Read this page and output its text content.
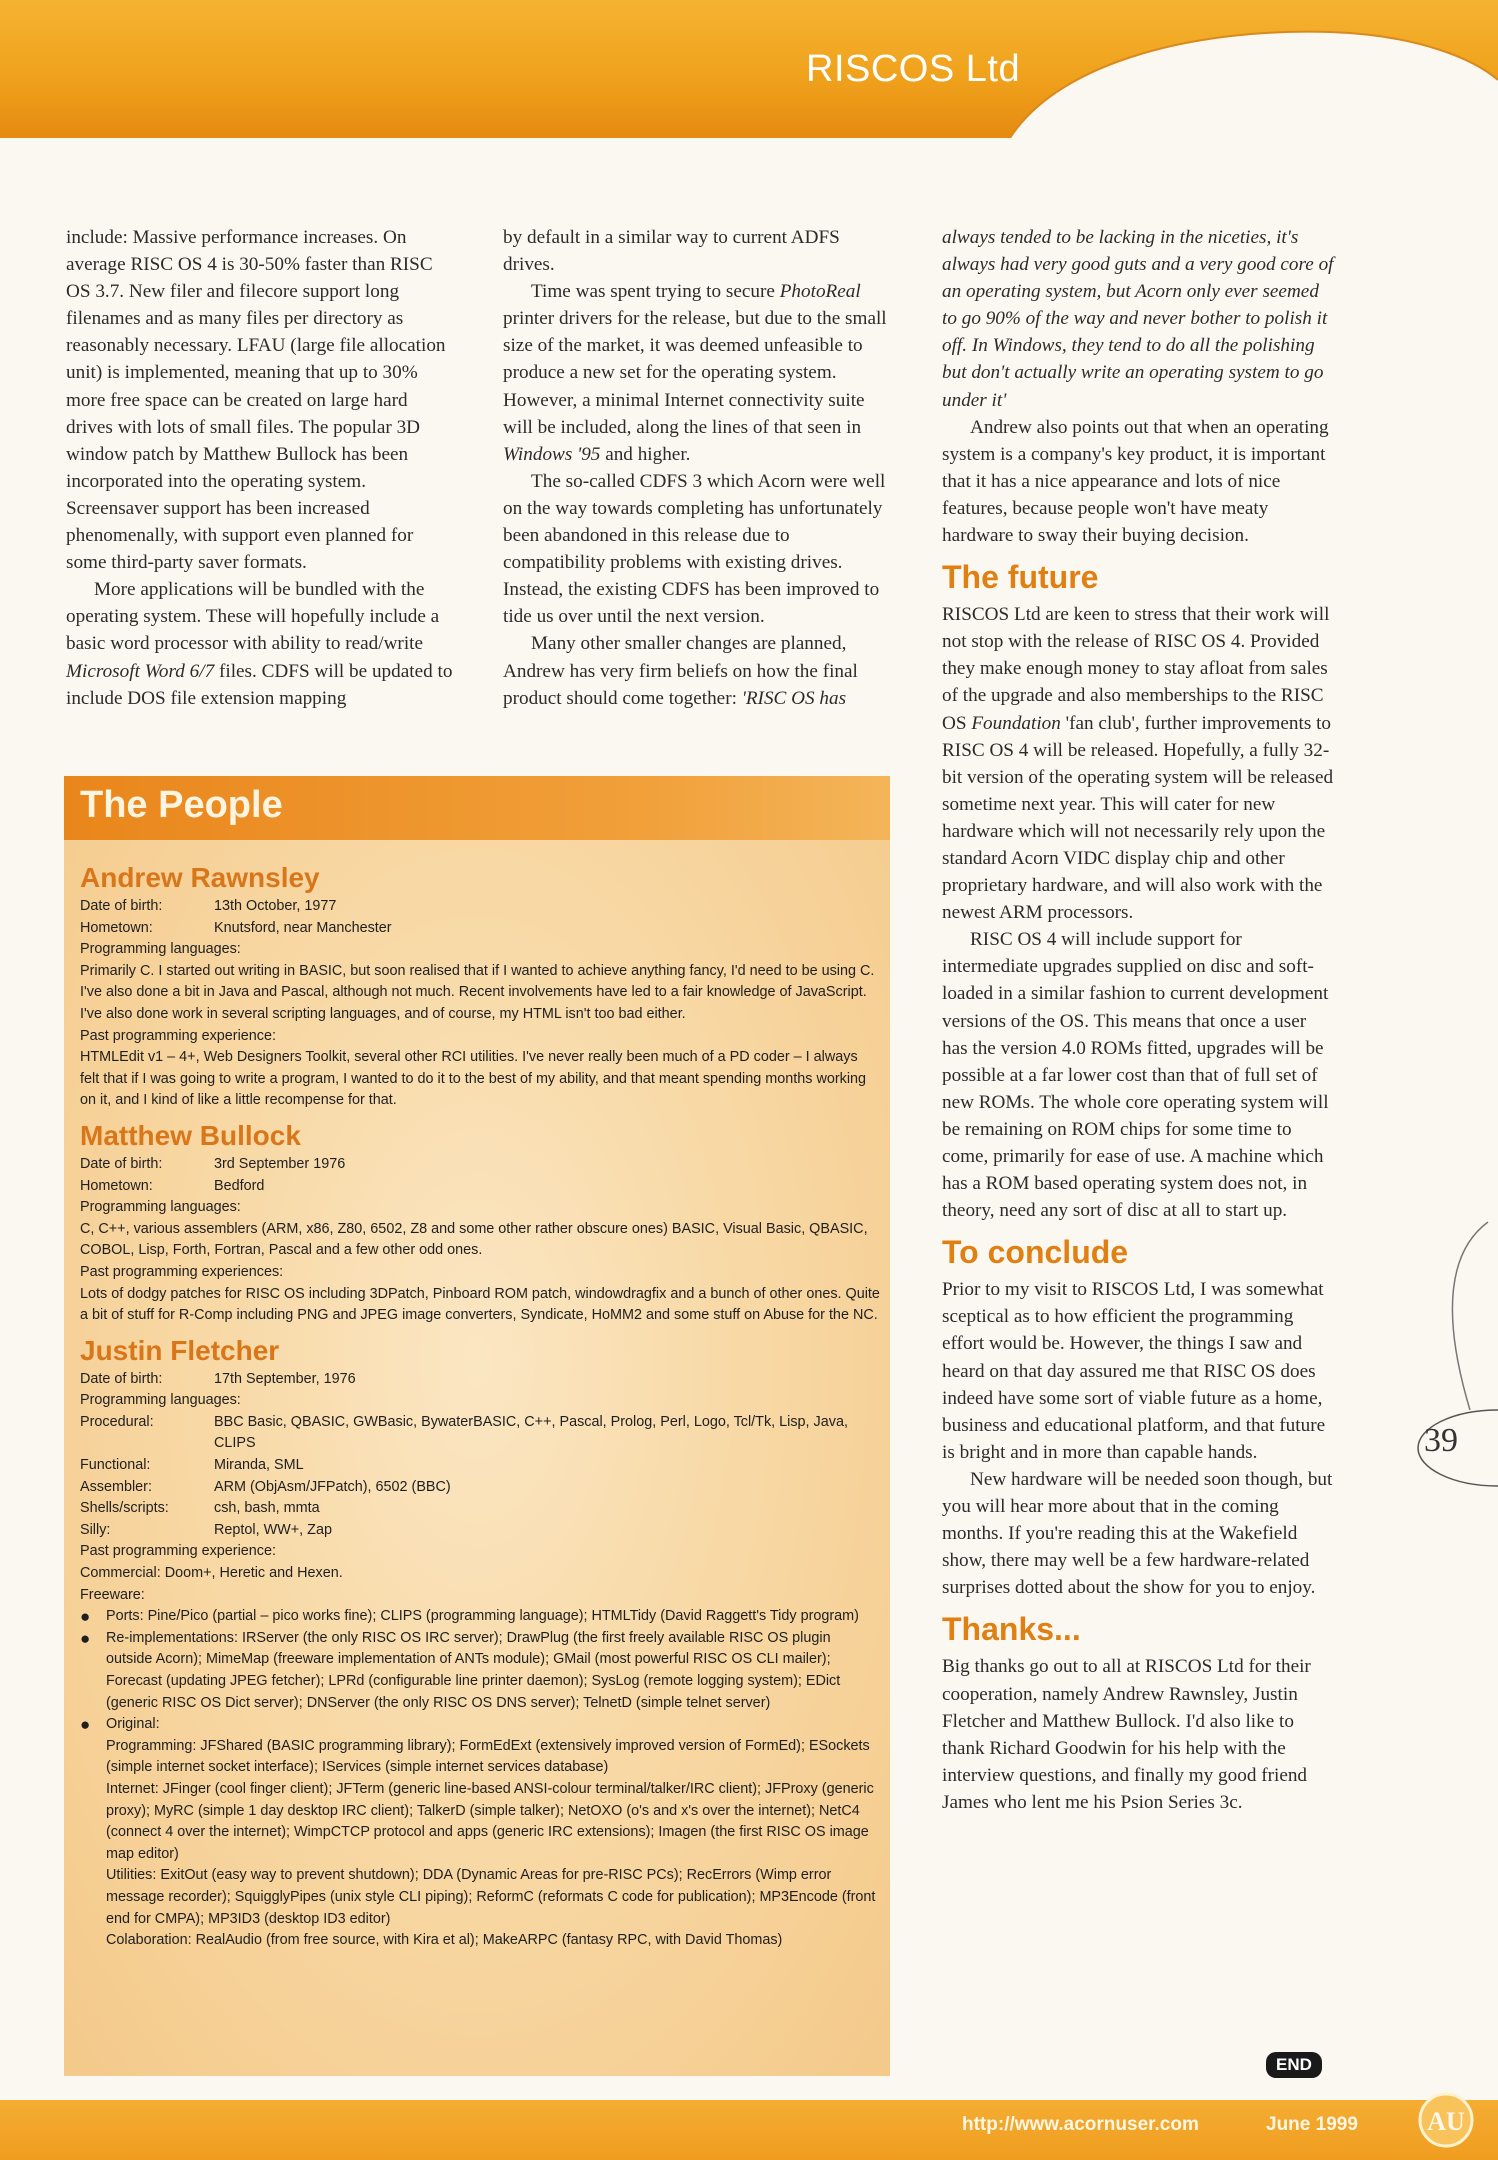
RISCOS Ltd

include: Massive performance increases. On average RISC OS 4 is 30-50% faster than RISC OS 3.7. New filer and filecore support long filenames and as many files per directory as reasonably necessary. LFAU (large file allocation unit) is implemented, meaning that up to 30% more free space can be created on large hard drives with lots of small files. The popular 3D window patch by Matthew Bullock has been incorporated into the operating system. Screensaver support has been increased phenomenally, with support even planned for some third-party saver formats.

More applications will be bundled with the operating system. These will hopefully include a basic word processor with ability to read/write Microsoft Word 6/7 files. CDFS will be updated to include DOS file extension mapping

by default in a similar way to current ADFS drives.

Time was spent trying to secure PhotoReal printer drivers for the release, but due to the small size of the market, it was deemed unfeasible to produce a new set for the operating system. However, a minimal Internet connectivity suite will be included, along the lines of that seen in Windows '95 and higher.

The so-called CDFS 3 which Acorn were well on the way towards completing has unfortunately been abandoned in this release due to compatibility problems with existing drives. Instead, the existing CDFS has been improved to tide us over until the next version.

Many other smaller changes are planned, Andrew has very firm beliefs on how the final product should come together: 'RISC OS has

always tended to be lacking in the niceties, it's always had very good guts and a very good core of an operating system, but Acorn only ever seemed to go 90% of the way and never bother to polish it off. In Windows, they tend to do all the polishing but don't actually write an operating system to go under it'

Andrew also points out that when an operating system is a company's key product, it is important that it has a nice appearance and lots of nice features, because people won't have meaty hardware to sway their buying decision.

The future

RISCOS Ltd are keen to stress that their work will not stop with the release of RISC OS 4. Provided they make enough money to stay afloat from sales of the upgrade and also memberships to the RISC OS Foundation 'fan club', further improvements to RISC OS 4 will be released. Hopefully, a fully 32-bit version of the operating system will be released sometime next year. This will cater for new hardware which will not necessarily rely upon the standard Acorn VIDC display chip and other proprietary hardware, and will also work with the newest ARM processors.

RISC OS 4 will include support for intermediate upgrades supplied on disc and soft-loaded in a similar fashion to current development versions of the OS. This means that once a user has the version 4.0 ROMs fitted, upgrades will be possible at a far lower cost than that of full set of new ROMs. The whole core operating system will be remaining on ROM chips for some time to come, primarily for ease of use. A machine which has a ROM based operating system does not, in theory, need any sort of disc at all to start up.

To conclude

Prior to my visit to RISCOS Ltd, I was somewhat sceptical as to how efficient the programming effort would be. However, the things I saw and heard on that day assured me that RISC OS does indeed have some sort of viable future as a home, business and educational platform, and that future is bright and in more than capable hands.

New hardware will be needed soon though, but you will hear more about that in the coming months. If you're reading this at the Wakefield show, there may well be a few hardware-related surprises dotted about the show for you to enjoy.

Thanks...

Big thanks go out to all at RISCOS Ltd for their cooperation, namely Andrew Rawnsley, Justin Fletcher and Matthew Bullock. I'd also like to thank Richard Goodwin for his help with the interview questions, and finally my good friend James who lent me his Psion Series 3c.

END
The People
Andrew Rawnsley
Date of birth:	13th October, 1977
Hometown:	Knutsford, near Manchester
Programming languages:
Primarily C. I started out writing in BASIC, but soon realised that if I wanted to achieve anything fancy, I'd need to be using C. I've also done a bit in Java and Pascal, although not much. Recent involvements have led to a fair knowledge of JavaScript. I've also done work in several scripting languages, and of course, my HTML isn't too bad either.
Past programming experience:
HTMLEdit v1 – 4+, Web Designers Toolkit, several other RCI utilities. I've never really been much of a PD coder – I always felt that if I was going to write a program, I wanted to do it to the best of my ability, and that meant spending months working on it, and I kind of like a little recompense for that.
Matthew Bullock
Date of birth:	3rd September 1976
Hometown:	Bedford
Programming languages:
C, C++, various assemblers (ARM, x86, Z80, 6502, Z8 and some other rather obscure ones) BASIC, Visual Basic, QBASIC, COBOL, Lisp, Forth, Fortran, Pascal and a few other odd ones.
Past programming experiences:
Lots of dodgy patches for RISC OS including 3DPatch, Pinboard ROM patch, windowdragfix and a bunch of other ones. Quite a bit of stuff for R-Comp including PNG and JPEG image converters, Syndicate, HoMM2 and some stuff on Abuse for the NC.
Justin Fletcher
Date of birth:	17th September, 1976
Programming languages:
Procedural:	BBC Basic, QBASIC, GWBasic, BywaterBASIC, C++, Pascal, Prolog, Perl, Logo, Tcl/Tk, Lisp, Java, CLIPS
Functional:	Miranda, SML
Assembler:	ARM (ObjAsm/JFPatch), 6502 (BBC)
Shells/scripts:	csh, bash, mmta
Silly:	Reptol, WW+, Zap
Past programming experience:
Commercial: Doom+, Heretic and Hexen.
Freeware:
●	Ports: Pine/Pico (partial – pico works fine); CLIPS (programming language); HTMLTidy (David Raggett's Tidy program)
●	Re-implementations: IRServer (the only RISC OS IRC server); DrawPlug (the first freely available RISC OS plugin outside Acorn); MimeMap (freeware implementation of ANTs module); GMail (most powerful RISC OS CLI mailer); Forecast (updating JPEG fetcher); LPRd (configurable line printer daemon); SysLog (remote logging system); EDict (generic RISC OS Dict server); DNServer (the only RISC OS DNS server); TelnetD (simple telnet server)
●	Original:
Programming: JFShared (BASIC programming library); FormEdExt (extensively improved version of FormEd); ESockets (simple internet socket interface); IServices (simple internet services database)
Internet: JFinger (cool finger client); JFTerm (generic line-based ANSI-colour terminal/talker/IRC client); JFProxy (generic proxy); MyRC (simple 1 day desktop IRC client); TalkerD (simple talker); NetOXO (o's and x's over the internet); NetC4 (connect 4 over the internet); WimpCTCP protocol and apps (generic IRC extensions); Imagen (the first RISC OS image map editor)
Utilities: ExitOut (easy way to prevent shutdown); DDA (Dynamic Areas for pre-RISC PCs); RecErrors (Wimp error message recorder); SquigglyPipes (unix style CLI piping); ReformC (reformats C code for publication); MP3Encode (front end for CMPA); MP3ID3 (desktop ID3 editor)
Colaboration: RealAudio (from free source, with Kira et al); MakeARPC (fantasy RPC, with David Thomas)
39
http://www.acornuser.com	June 1999	AU
